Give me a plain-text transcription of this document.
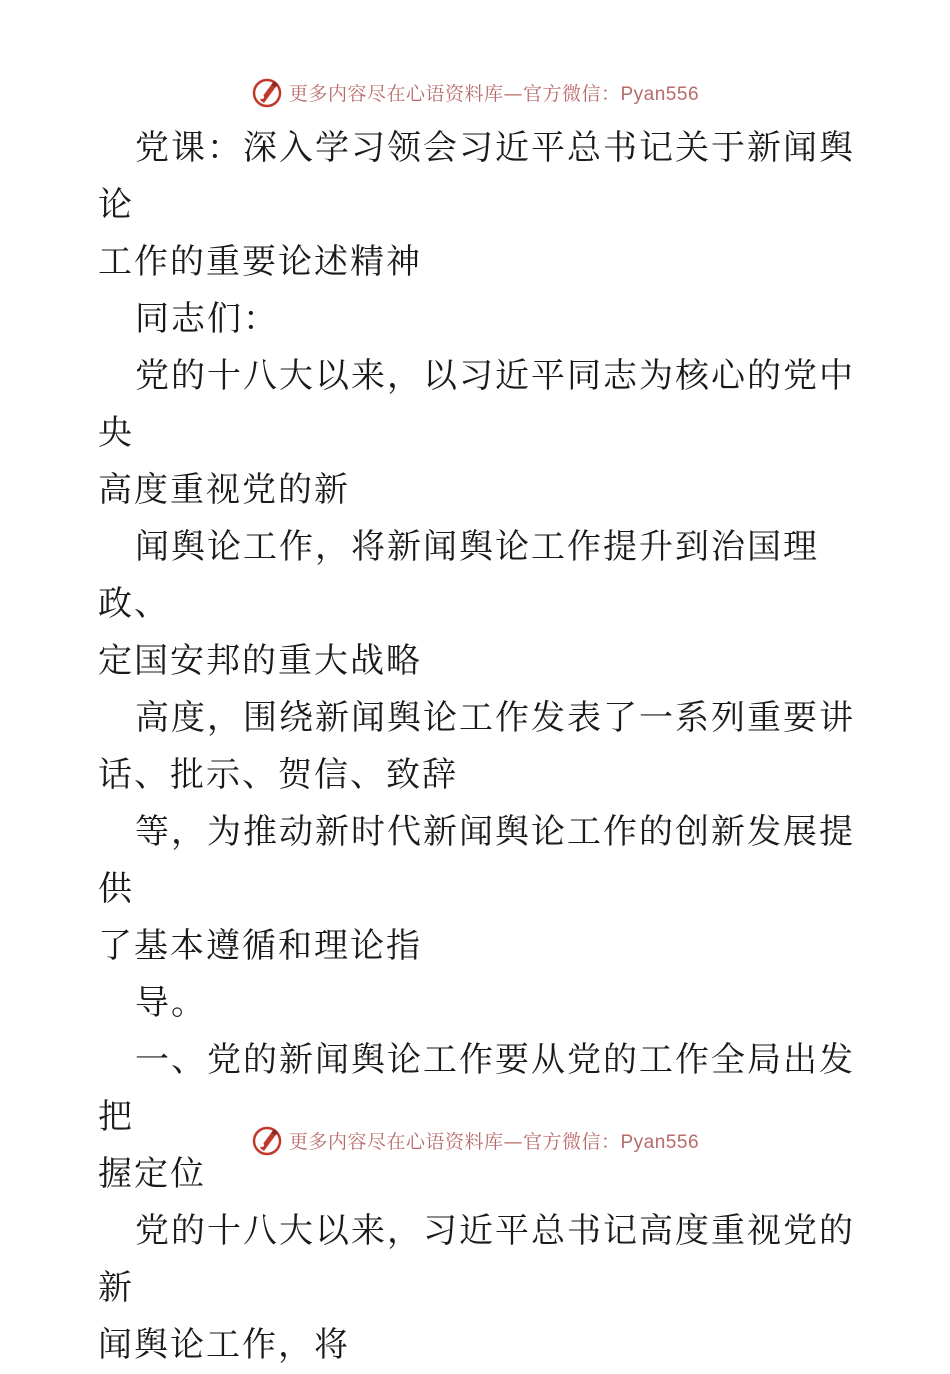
更多内容尽在心语资料库—官方微信：Pyan556

党课：深入学习领会习近平总书记关于新闻舆论
工作的重要论述精神

同志们：

党的十八大以来，以习近平同志为核心的党中央
高度重视党的新

闻舆论工作，将新闻舆论工作提升到治国理政、
定国安邦的重大战略

高度，围绕新闻舆论工作发表了一系列重要讲
话、批示、贺信、致辞

等，为推动新时代新闻舆论工作的创新发展提供
了基本遵循和理论指

导。

一、党的新闻舆论工作要从党的工作全局出发把
握定位

党的十八大以来，习近平总书记高度重视党的新
闻舆论工作，将

更多内容尽在心语资料库—官方微信：Pyan556
